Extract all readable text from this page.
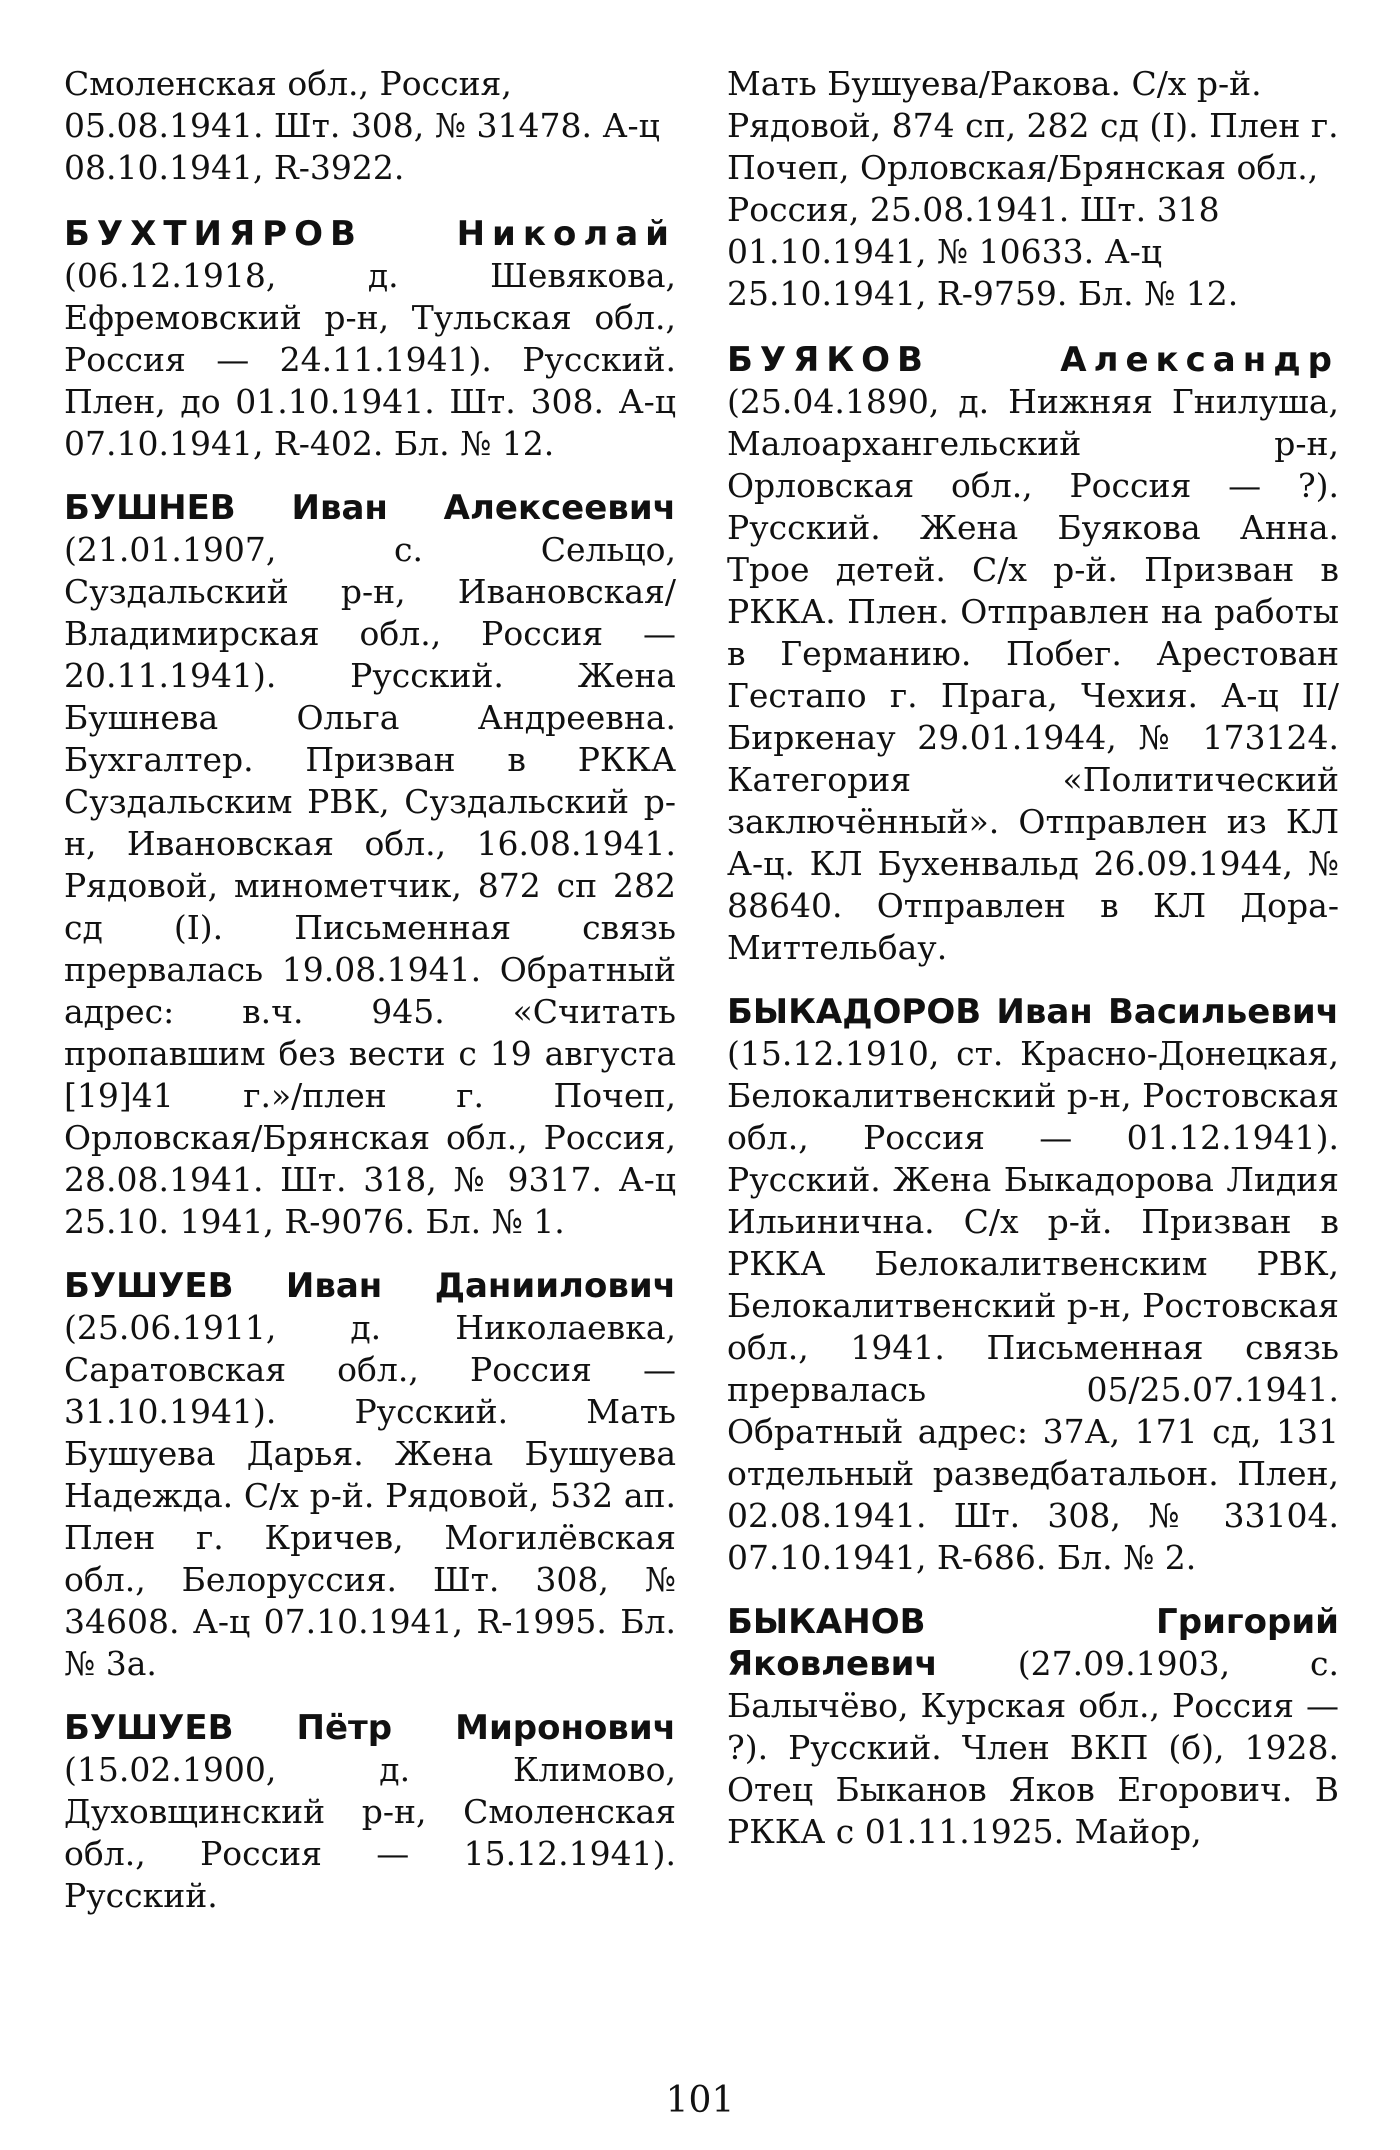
Смоленская обл., Россия, 05.08.1941. Шт. 308, № 31478. А-ц 08.10.1941, R-3922.

БУХТИЯРОВ Николай (06.12.1918, д. Шевякова, Ефремовский р-н, Тульская обл., Россия — 24.11.1941). Русский. Плен, до 01.10.1941. Шт. 308. А-ц 07.10.1941, R-402. Бл. № 12.

БУШНЕВ Иван Алексеевич (21.01.1907, с. Сельцо, Суздальский р-н, Ивановская/Владимирская обл., Россия — 20.11.1941). Русский. Жена Бушнева Ольга Андреевна. Бухгалтер. Призван в РККА Суздальским РВК, Суздальский р-н, Ивановская обл., 16.08.1941. Рядовой, минометчик, 872 сп 282 сд (I). Письменная связь прервалась 19.08.1941. Обратный адрес: в.ч. 945. «Считать пропавшим без вести с 19 августа [19]41 г.»/плен г. Почеп, Орловская/Брянская обл., Россия, 28.08.1941. Шт. 318, № 9317. А-ц 25.10. 1941, R-9076. Бл. № 1.

БУШУЕВ Иван Даниилович (25.06.1911, д. Николаевка, Саратовская обл., Россия — 31.10.1941). Русский. Мать Бушуева Дарья. Жена Бушуева Надежда. С/х р-й. Рядовой, 532 ап. Плен г. Кричев, Могилёвская обл., Белоруссия. Шт. 308, № 34608. А-ц 07.10.1941, R-1995. Бл. № 3а.

БУШУЕВ Пётр Миронович (15.02.1900, д. Климово, Духовщинский р-н, Смоленская обл., Россия — 15.12.1941). Русский.

Мать Бушуева/Ракова. С/х р-й. Рядовой, 874 сп, 282 сд (I). Плен г. Почеп, Орловская/Брянская обл., Россия, 25.08.1941. Шт. 318 01.10.1941, № 10633. А-ц 25.10.1941, R-9759. Бл. № 12.

БУЯКОВ Александр (25.04.1890, д. Нижняя Гнилуша, Малоархангельский р-н, Орловская обл., Россия — ?). Русский. Жена Буякова Анна. Трое детей. С/х р-й. Призван в РККА. Плен. Отправлен на работы в Германию. Побег. Арестован Гестапо г. Прага, Чехия. А-ц II/Биркенау 29.01.1944, № 173124. Категория «Политический заключённый». Отправлен из КЛ А-ц. КЛ Бухенвальд 26.09.1944, № 88640. Отправлен в КЛ Дора-Миттельбау.

БЫКАДОРОВ Иван Васильевич (15.12.1910, ст. Красно-Донецкая, Белокалитвенский р-н, Ростовская обл., Россия — 01.12.1941). Русский. Жена Быкадорова Лидия Ильинична. С/х р-й. Призван в РККА Белокалитвенским РВК, Белокалитвенский р-н, Ростовская обл., 1941. Письменная связь прервалась 05/25.07.1941. Обратный адрес: 37А, 171 сд, 131 отдельный разведбатальон. Плен, 02.08.1941. Шт. 308, № 33104. 07.10.1941, R-686. Бл. № 2.

БЫКАНОВ Григорий Яковлевич (27.09.1903, с. Балычёво, Курская обл., Россия — ?). Русский. Член ВКП (б), 1928. Отец Быканов Яков Егорович. В РККА с 01.11.1925. Майор,

101
